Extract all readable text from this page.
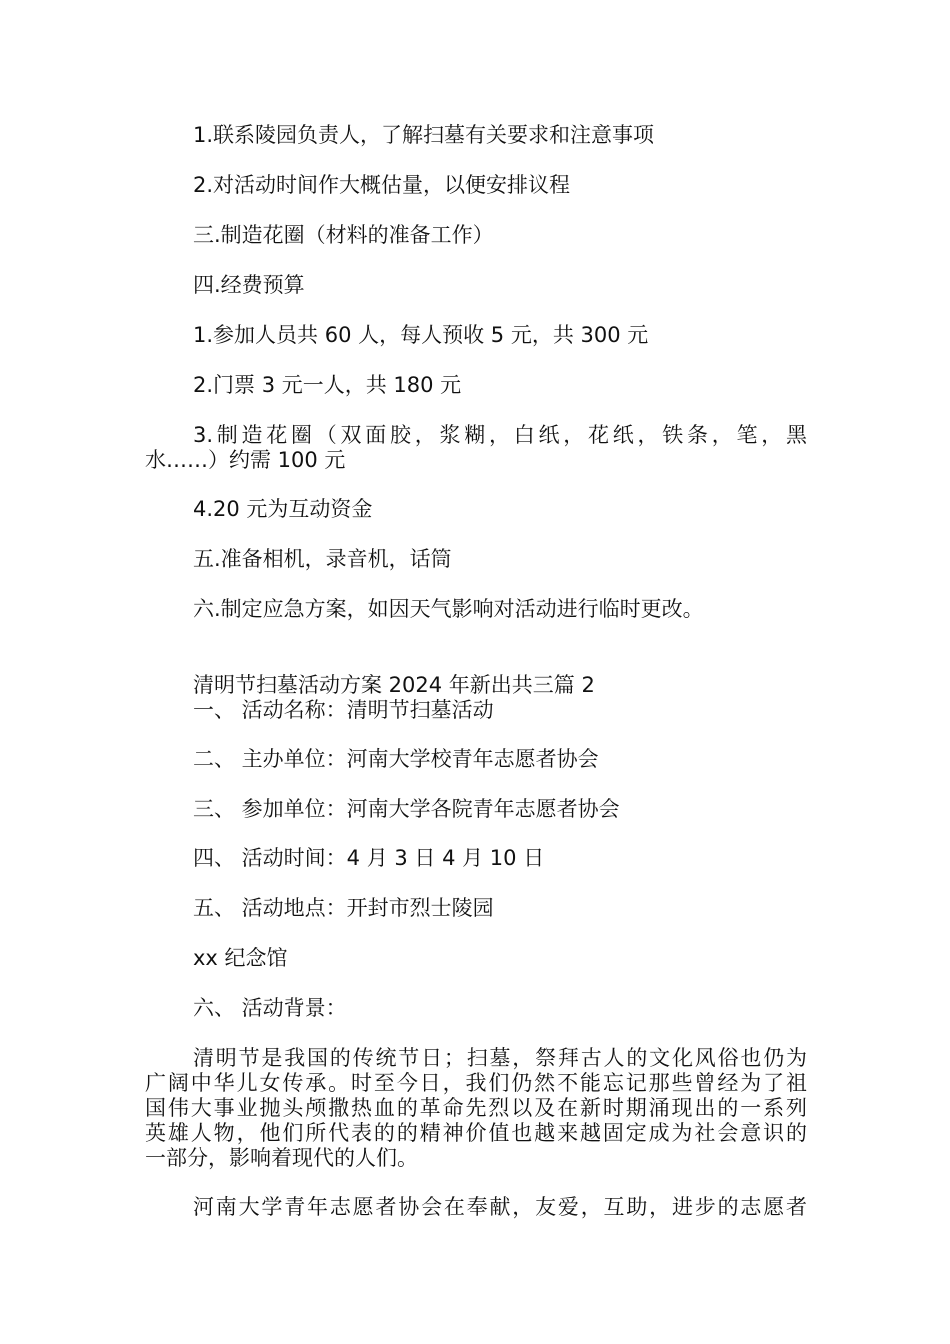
1.联系陵园负责人，了解扫墓有关要求和注意事项

2.对活动时间作大概估量，以便安排议程

三.制造花圈（材料的准备工作）

四.经费预算

1.参加人员共 60 人，每人预收 5 元，共 300 元

2.门票 3 元一人，共 180 元

3.制造花圈（双面胶，浆糊，白纸，花纸，铁条，笔，黑
水……）约需 100 元

4.20 元为互动资金

五.准备相机，录音机，话筒

六.制定应急方案，如因天气影响对活动进行临时更改。

清明节扫墓活动方案 2024 年新出共三篇 2

一、 活动名称：清明节扫墓活动

二、 主办单位：河南大学校青年志愿者协会

三、 参加单位：河南大学各院青年志愿者协会

四、 活动时间：4 月 3 日 4 月 10 日

五、 活动地点：开封市烈士陵园

xx 纪念馆

六、 活动背景：

清明节是我国的传统节日；扫墓，祭拜古人的文化风俗也仍为
广阔中华儿女传承。时至今日，我们仍然不能忘记那些曾经为了祖
国伟大事业抛头颅撒热血的革命先烈以及在新时期涌现出的一系列
英雄人物，他们所代表的的精神价值也越来越固定成为社会意识的
一部分，影响着现代的人们。
河南大学青年志愿者协会在奉献，友爱，互助，进步的志愿者
